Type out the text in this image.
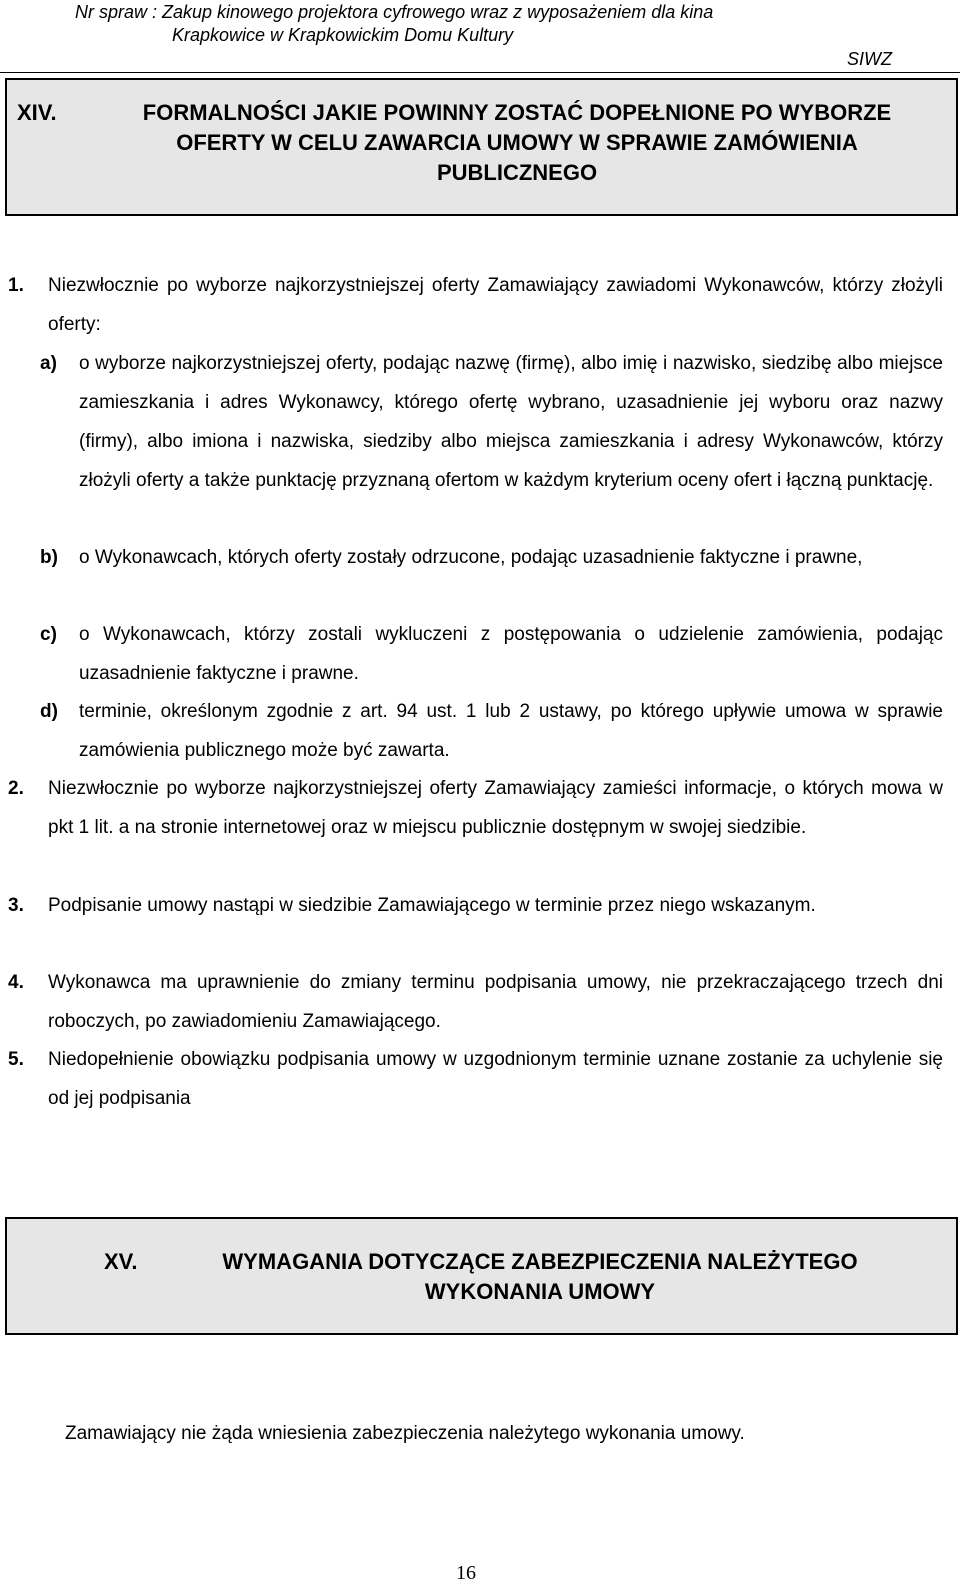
Nr spraw : Zakup kinowego projektora cyfrowego wraz z wyposażeniem dla kina
Krapkowice w Krapkowickim Domu Kultury
SIWZ
XIV.	FORMALNOŚCI JAKIE POWINNY ZOSTAĆ DOPEŁNIONE PO WYBORZE OFERTY W CELU ZAWARCIA UMOWY W SPRAWIE ZAMÓWIENIA PUBLICZNEGO
1. Niezwłocznie po wyborze najkorzystniejszej oferty Zamawiający zawiadomi Wykonawców, którzy złożyli oferty:
a) o wyborze najkorzystniejszej oferty, podając nazwę (firmę), albo imię i nazwisko, siedzibę albo miejsce zamieszkania i adres Wykonawcy, którego ofertę wybrano, uzasadnienie jej wyboru oraz nazwy (firmy), albo imiona i nazwiska, siedziby albo miejsca zamieszkania i adresy Wykonawców, którzy złożyli oferty a także punktację przyznaną ofertom w każdym kryterium oceny ofert i łączną punktację.
b) o Wykonawcach, których oferty zostały odrzucone, podając uzasadnienie faktyczne i prawne,
c) o Wykonawcach, którzy zostali wykluczeni z postępowania o udzielenie zamówienia, podając uzasadnienie faktyczne i prawne.
d) terminie, określonym zgodnie z art. 94 ust. 1 lub 2 ustawy, po którego upływie umowa w sprawie zamówienia publicznego może być zawarta.
2. Niezwłocznie po wyborze najkorzystniejszej oferty Zamawiający zamieści informacje, o których mowa w pkt 1 lit. a na stronie internetowej oraz w miejscu publicznie dostępnym w swojej siedzibie.
3. Podpisanie umowy nastąpi w siedzibie Zamawiającego w terminie przez niego wskazanym.
4. Wykonawca ma uprawnienie do zmiany terminu podpisania umowy, nie przekraczającego trzech dni roboczych, po zawiadomieniu Zamawiającego.
5. Niedopełnienie obowiązku podpisania umowy w uzgodnionym terminie uznane zostanie za uchylenie się od jej podpisania
XV.	WYMAGANIA DOTYCZĄCE ZABEZPIECZENIA NALEŻYTEGO WYKONANIA UMOWY
Zamawiający nie żąda wniesienia zabezpieczenia należytego wykonania umowy.
16
